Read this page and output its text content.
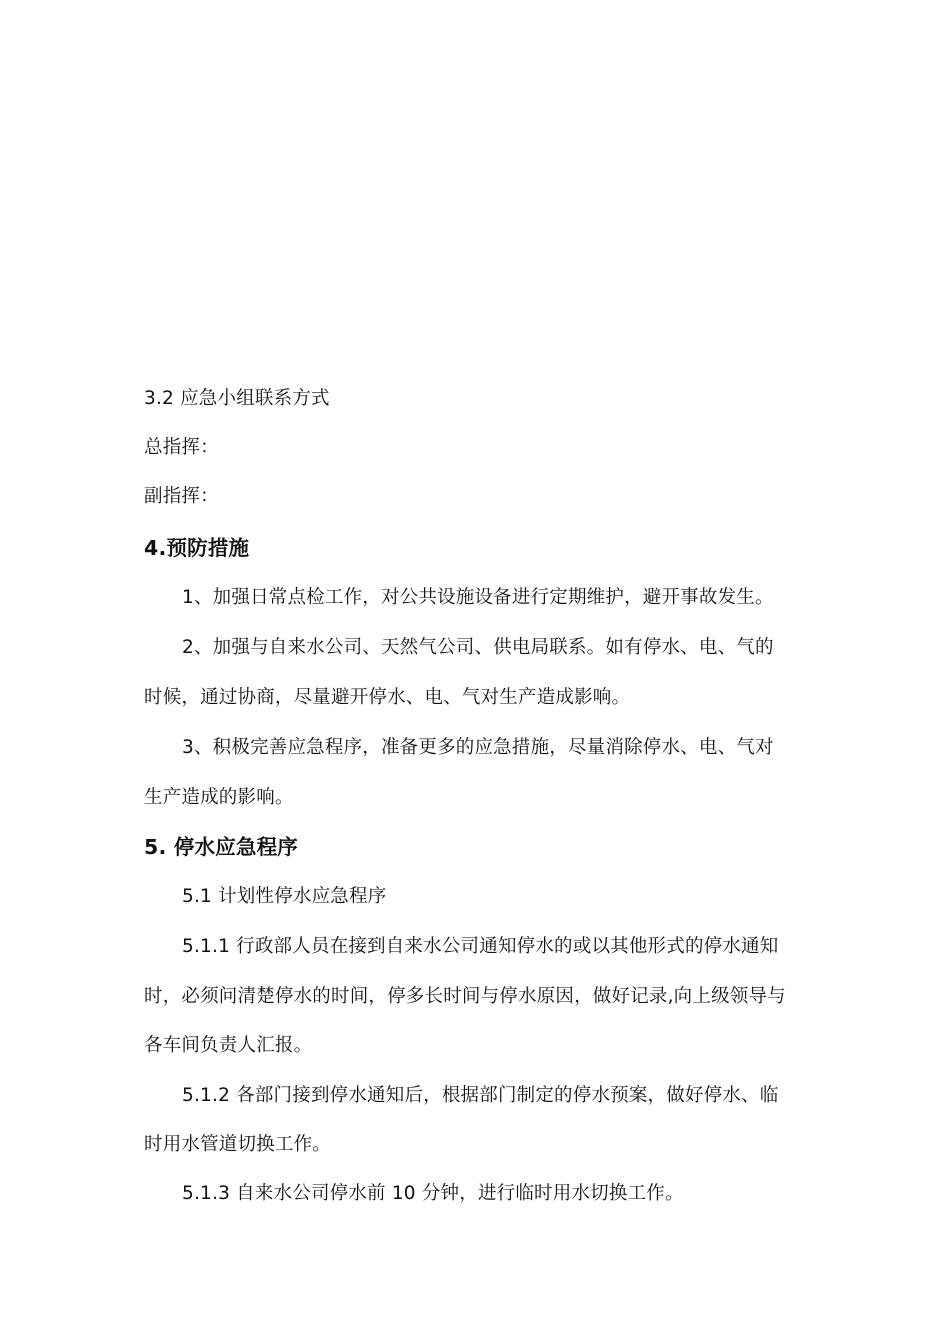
3.2 应急小组联系方式
总指挥：
副指挥：
4.预防措施
1、加强日常点检工作，对公共设施设备进行定期维护，避开事故发生。
2、加强与自来水公司、天然气公司、供电局联系。如有停水、电、气的
时候，通过协商，尽量避开停水、电、气对生产造成影响。
3、积极完善应急程序，准备更多的应急措施，尽量消除停水、电、气对
生产造成的影响。
5. 停水应急程序
5.1 计划性停水应急程序
5.1.1 行政部人员在接到自来水公司通知停水的或以其他形式的停水通知
时，必须问清楚停水的时间，停多长时间与停水原因，做好记录,向上级领导与
各车间负责人汇报。
5.1.2 各部门接到停水通知后，根据部门制定的停水预案，做好停水、临
时用水管道切换工作。
5.1.3 自来水公司停水前 10 分钟，进行临时用水切换工作。
